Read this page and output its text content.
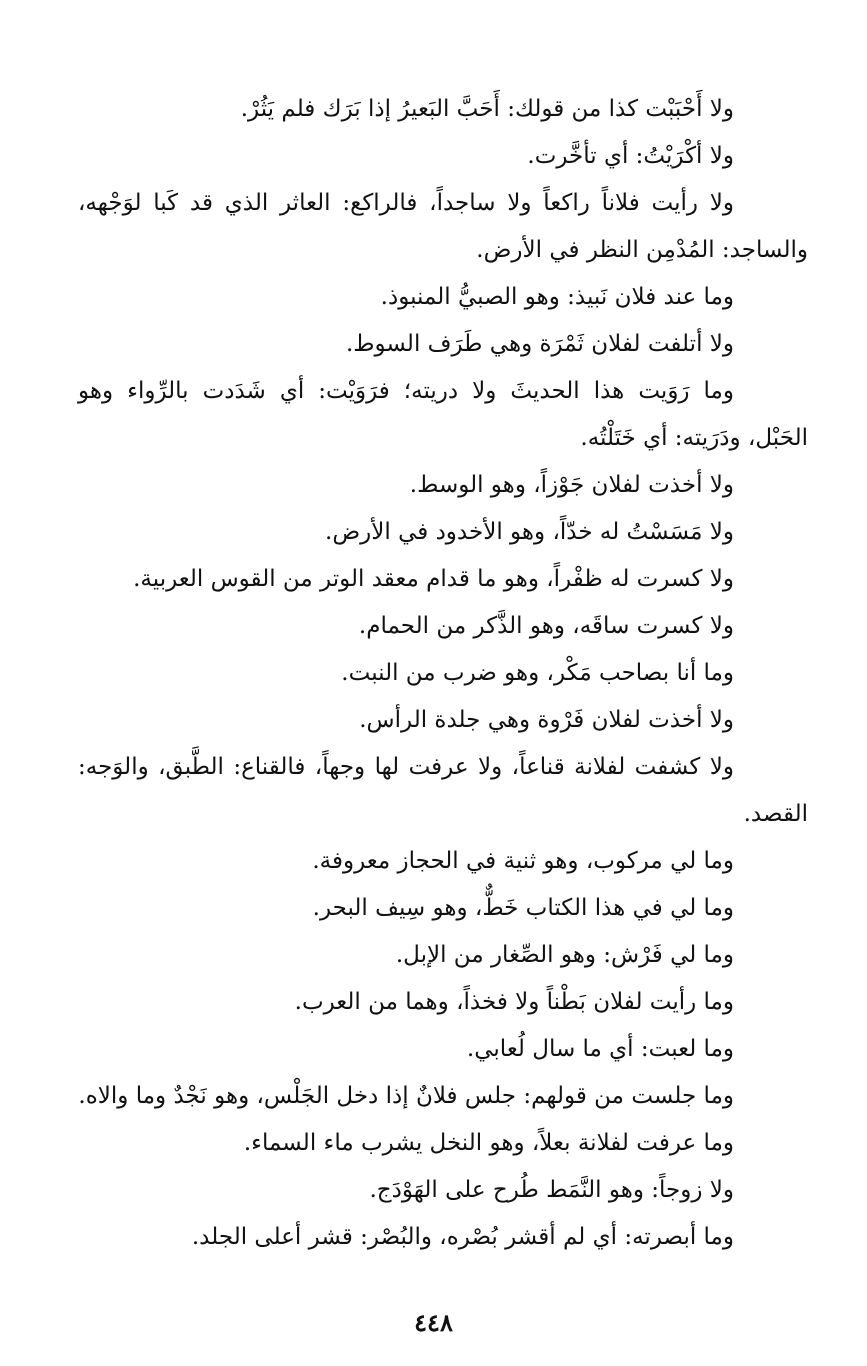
ولا أَحْبَبْت كذا من قولك: أَحَبَّ البَعيرُ إذا بَرَك فلم يَثُرْ.

ولا أكْرَيْتُ: أي تأخَّرت.

ولا رأيت فلاناً راكعاً ولا ساجداً، فالراكع: العاثر الذي قد كَبا لوَجْهه، والساجد: المُدْمِن النظر في الأرض.

وما عند فلان نَبيذ: وهو الصبيُّ المنبوذ.

ولا أتلفت لفلان ثَمْرَة وهي طَرَف السوط.

وما رَوَيت هذا الحديثَ ولا دريته؛ فرَوَيْت: أي شَدَدت بالرِّواء وهو الحَبْل، ودَرَيته: أي خَتَلْتُه.

ولا أخذت لفلان جَوْزاً، وهو الوسط.

ولا مَسَسْتُ له خدّاً، وهو الأخدود في الأرض.

ولا كسرت له ظفْراً، وهو ما قدام معقد الوتر من القوس العربية.

ولا كسرت ساقَه، وهو الذَّكر من الحمام.

وما أنا بصاحب مَكْر، وهو ضرب من النبت.

ولا أخذت لفلان فَرْوة وهي جلدة الرأس.

ولا كشفت لفلانة قناعاً، ولا عرفت لها وجهاً، فالقناع: الطَّبق، والوَجه: القصد.

وما لي مركوب، وهو ثنية في الحجاز معروفة.

وما لي في هذا الكتاب خَطٌّ، وهو سِيف البحر.

وما لي فَرْش: وهو الصِّغار من الإبل.

وما رأيت لفلان بَطْناً ولا فخذاً، وهما من العرب.

وما لعبت: أي ما سال لُعابي.

وما جلست من قولهم: جلس فلانٌ إذا دخل الجَلْس، وهو نَجْدٌ وما والاه.

وما عرفت لفلانة بعلاً، وهو النخل يشرب ماء السماء.

ولا زوجاً: وهو النَّمَط طُرح على الهَوْدَج.

وما أبصرته: أي لم أقشر بُصْره، والبُصْر: قشر أعلى الجلد.

٤٤٨
